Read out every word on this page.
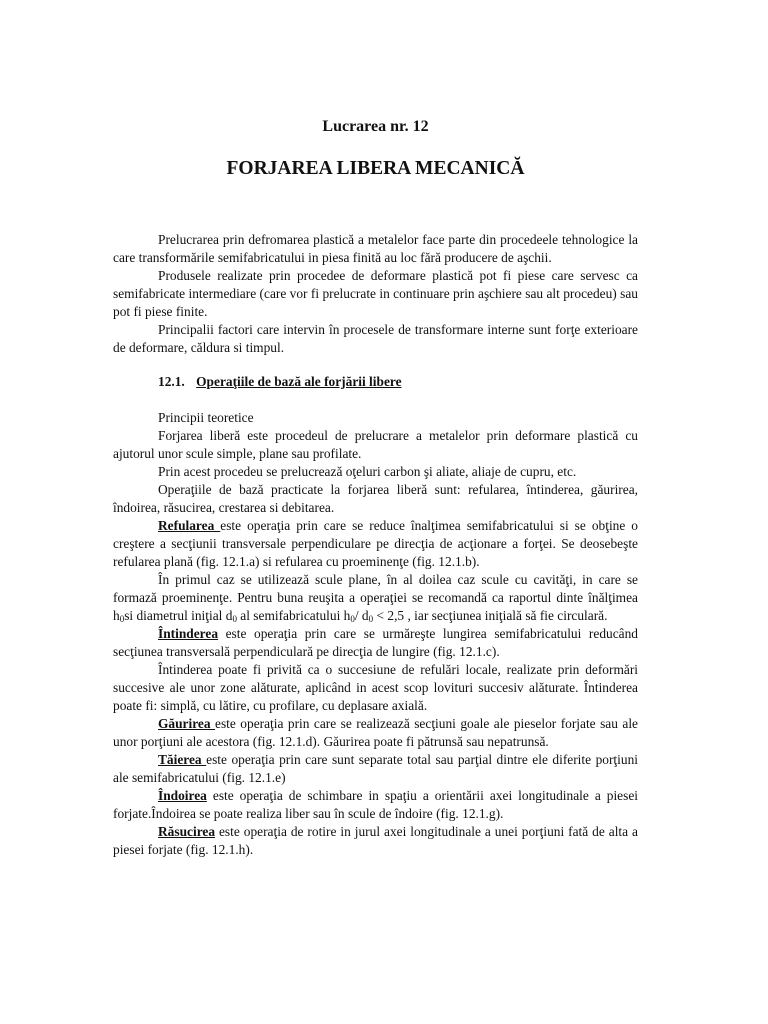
Lucrarea nr. 12
FORJAREA LIBERA MECANICĂ

Prelucrarea prin defromarea plastică a metalelor face parte din procedeele tehnologice la care transformările semifabricatului in piesa finită au loc fără producere de aşchii.

Produsele realizate prin procedee de deformare plastică pot fi piese care servesc ca semifabricate intermediare (care vor fi prelucrate in continuare prin aşchiere sau alt procedeu) sau pot fi piese finite.

Principalii factori care intervin în procesele de transformare interne sunt forţe exterioare de deformare, căldura si timpul.

12.1. Operaţiile de bază ale forjării libere

Principii teoretice

Forjarea liberă este procedeul de prelucrare a metalelor prin deformare plastică cu ajutorul unor scule simple, plane sau profilate.

Prin acest procedeu se prelucrează oţeluri carbon şi aliate, aliaje de cupru, etc.

Operaţiile de bază practicate la forjarea liberă sunt: refularea, întinderea, găurirea, îndoirea, răsucirea, crestarea si debitarea.

Refularea este operaţia prin care se reduce înalţimea semifabricatului si se obţine o creştere a secţiunii transversale perpendiculare pe direcţia de acţionare a forţei. Se deosebeşte refularea plană (fig. 12.1.a) si refularea cu proeminenţe (fig. 12.1.b).

În primul caz se utilizează scule plane, în al doilea caz scule cu cavităţi, in care se formază proeminenţe. Pentru buna reuşita a operaţiei se recomandă ca raportul dinte înălţimea $h_0si$ diametrul iniţial $d_0$ al semifabricatului $h_0/$ $d_0 < 2,5$ , iar secţiunea iniţială să fie circulară.

Întinderea este operaţia prin care se urmăreşte lungirea semifabricatului reducând secţiunea transversală perpendiculară pe direcţia de lungire (fig. 12.1.c).

Întinderea poate fi privită ca o succesiune de refulări locale, realizate prin deformări succesive ale unor zone alăturate, aplicând in acest scop lovituri succesiv alăturate. Întinderea poate fi: simplă, cu lătire, cu profilare, cu deplasare axială.

Găurirea este operaţia prin care se realizează secţiuni goale ale pieselor forjate sau ale unor porţiuni ale acestora (fig. 12.1.d). Găurirea poate fi pătrunsă sau nepatrunsă.

Tăierea este operaţia prin care sunt separate total sau parţial dintre ele diferite porţiuni ale semifabricatului (fig. 12.1.e)

Îndoirea este operaţia de schimbare in spaţiu a orientării axei longitudinale a piesei forjate.Îndoirea se poate realiza liber sau în scule de îndoire (fig. 12.1.g).

Răsucirea este operaţia de rotire in jurul axei longitudinale a unei porţiuni fată de alta a piesei forjate (fig. 12.1.h).
